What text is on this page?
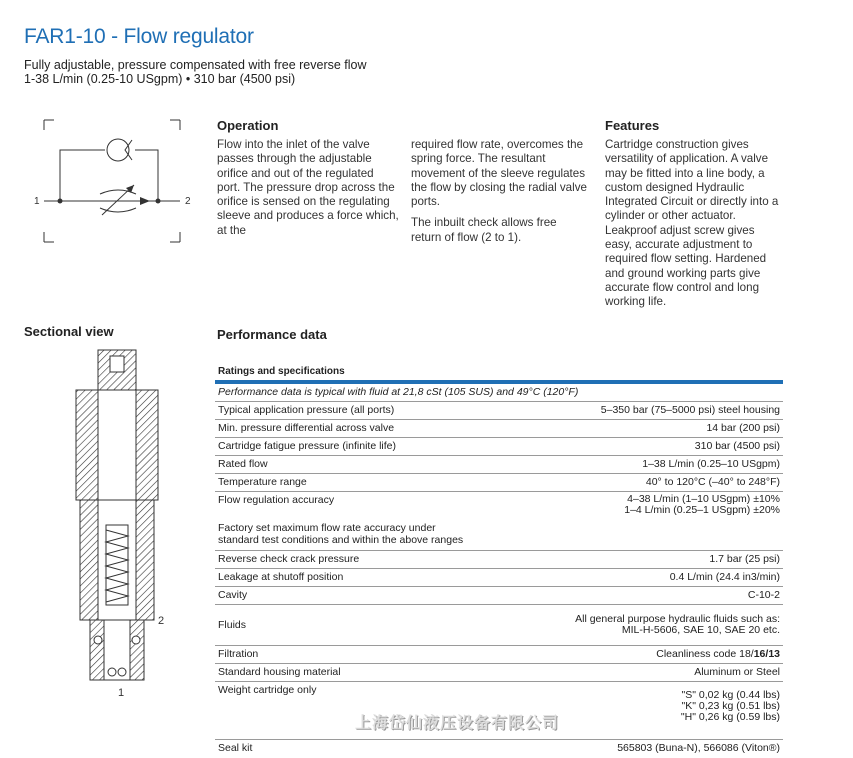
FAR1-10 - Flow regulator
Fully adjustable, pressure compensated with free reverse flow
1-38 L/min (0.25-10 USgpm) • 310 bar (4500 psi)
1	2
Operation

Flow into the inlet of the valve passes through the adjustable orifice and out of the regulated port. The pressure drop across the orifice is sensed on the regulating sleeve and produces a force which, at the

required flow rate, overcomes the spring force. The resultant movement of the sleeve regulates the flow by closing the radial valve ports.

The inbuilt check allows free return of flow (2 to 1).

Features

Cartridge construction gives versatility of application. A valve may be fitted into a line body, a custom designed Hydraulic Integrated Circuit or directly into a cylinder or other actuator. Leakproof adjust screw gives easy, accurate adjustment to required flow setting. Hardened and ground working parts give accurate flow control and long working life.

Sectional view
2
1
Performance data
Ratings and specifications
Performance data is typical with fluid at 21,8 cSt (105 SUS) and 49°C (120°F)
Typical application pressure (all ports)	5–350 bar (75–5000 psi) steel housing
Min. pressure differential across valve	14 bar (200 psi)
Cartridge fatigue pressure (infinite life)	310 bar (4500 psi)
Rated flow	1–38 L/min (0.25–10 USgpm)
Temperature range	40° to 120°C (–40° to 248°F)
Flow regulation accuracy	4–38 L/min (1–10 USgpm) ±10%
1–4 L/min (0.25–1 USgpm) ±20%
Factory set maximum flow rate accuracy under standard test conditions and within the above ranges
Reverse check crack pressure	1.7 bar (25 psi)
Leakage at shutoff position	0.4 L/min (24.4 in3/min)
Cavity	C-10-2
Fluids	All general purpose hydraulic fluids such as:
MIL-H-5606, SAE 10, SAE 20 etc.
Filtration	Cleanliness code 18/16/13
Standard housing material	Aluminum or Steel
Weight cartridge only	"S" 0,02 kg (0.44 lbs)
"K" 0,23 kg (0.51 lbs)
"H" 0,26 kg (0.59 lbs)
Seal kit	565803 (Buna-N), 566086 (Viton®)
上海岱仙液压设备有限公司
